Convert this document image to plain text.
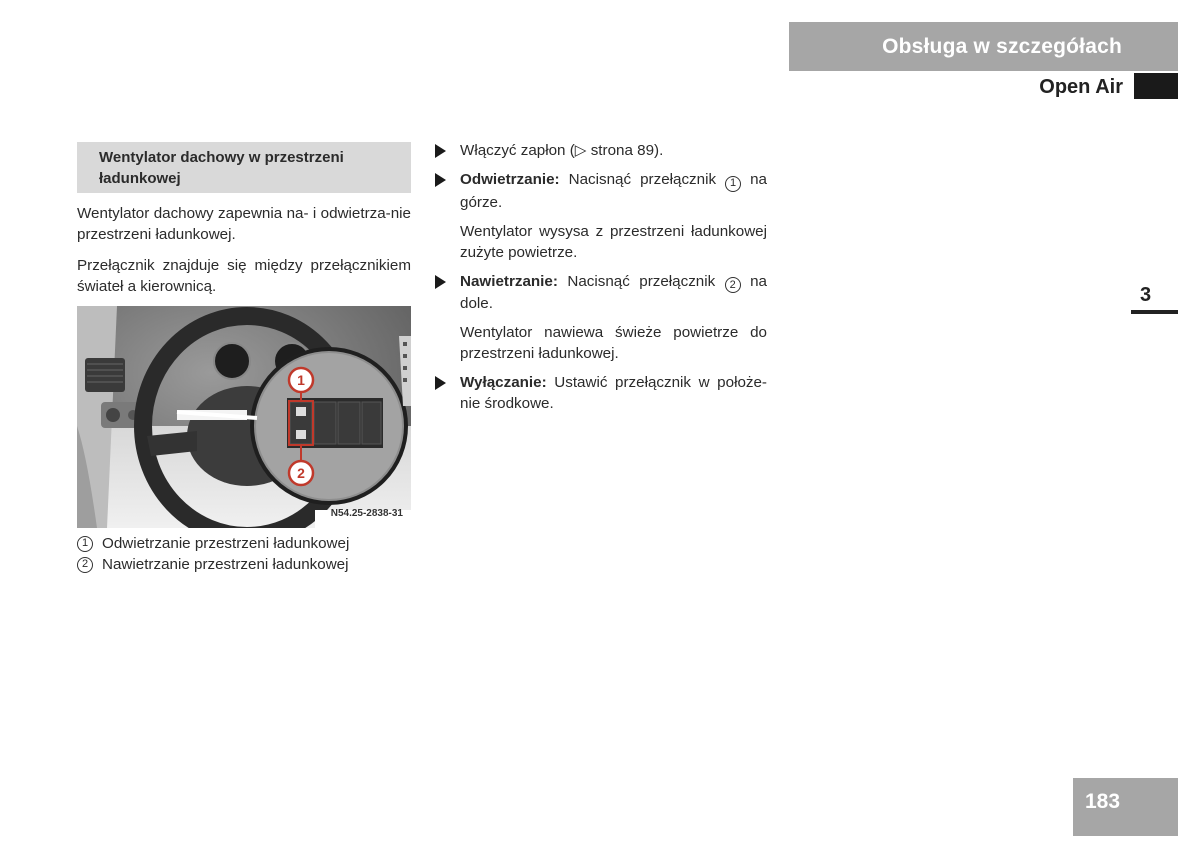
Obsługa w szczegółach
Open Air
3
Wentylator dachowy w przestrzeni ładunkowej

Wentylator dachowy zapewnia na- i odwietrza-nie przestrzeni ładunkowej.

Przełącznik znajduje się między przełącznikiem świateł a kierownicą.

1
2
N54.25-2838-31
1 Odwietrzanie przestrzeni ładunkowej
2 Nawietrzanie przestrzeni ładunkowej
Włączyć zapłon (▷ strona 89).
Odwietrzanie: Nacisnąć przełącznik 1 na górze.
Wentylator wysysa z przestrzeni ładunkowej zużyte powietrze.
Nawietrzanie: Nacisnąć przełącznik 2 na dole.
Wentylator nawiewa świeże powietrze do przestrzeni ładunkowej.
Wyłączanie: Ustawić przełącznik w położe-nie środkowe.
183
